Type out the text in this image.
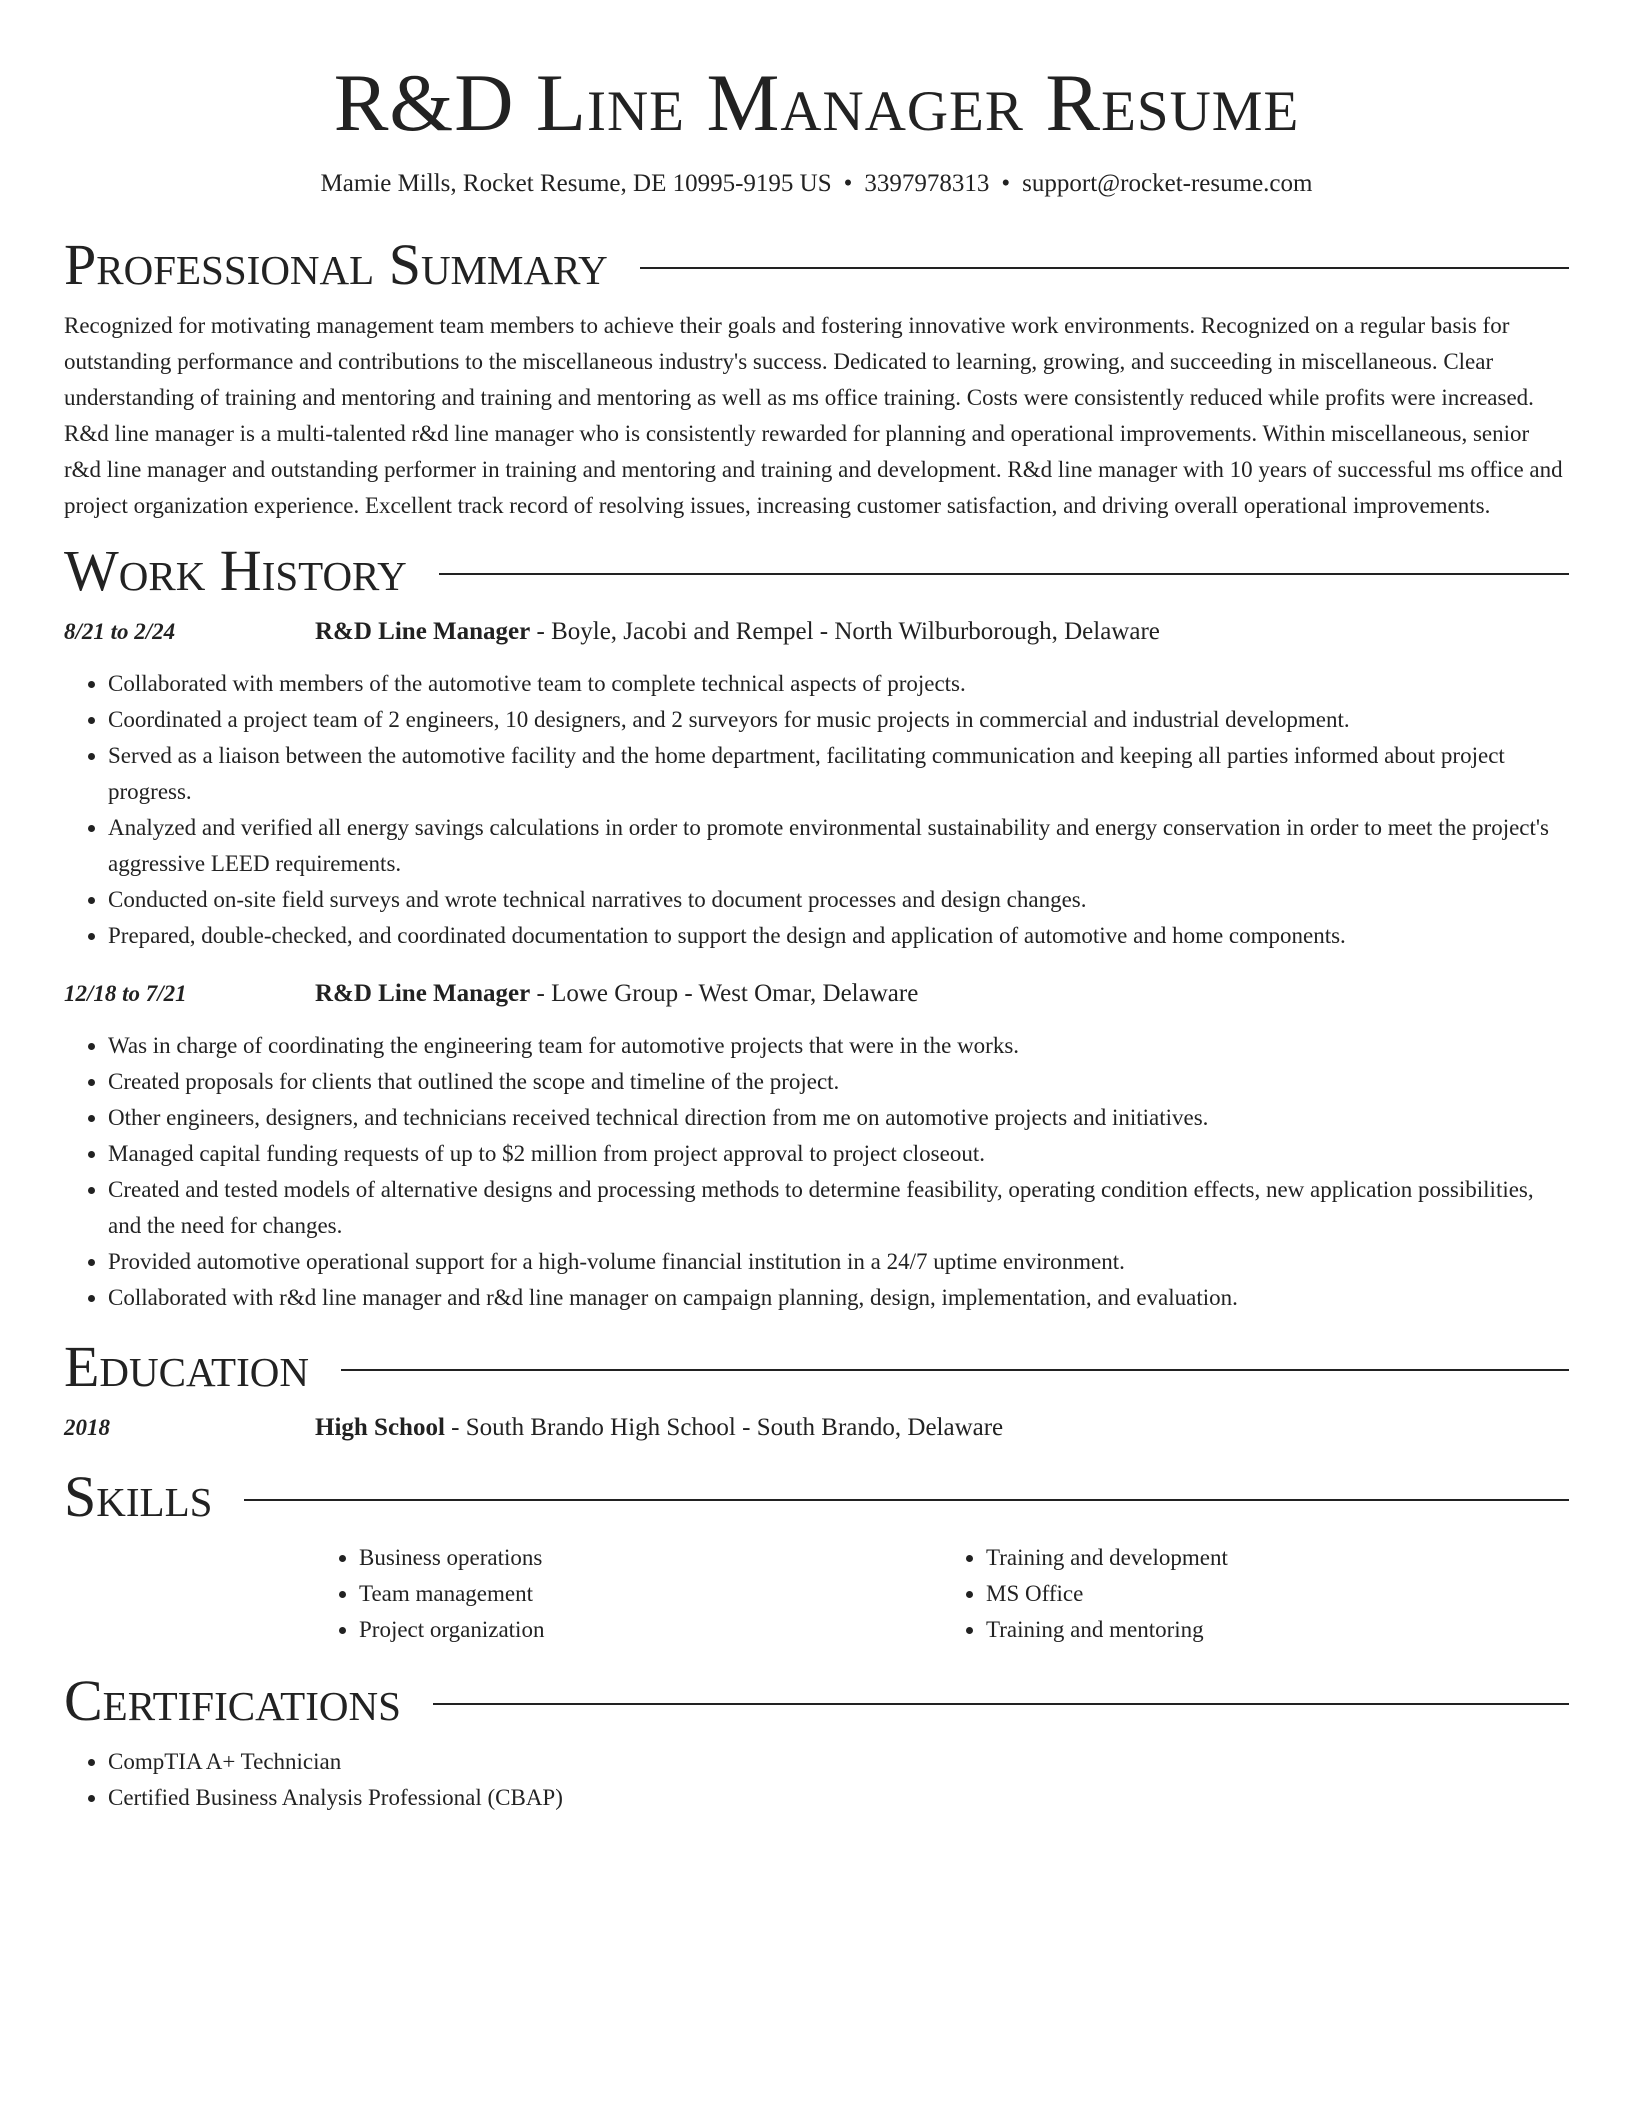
R&D Line Manager Resume
Mamie Mills, Rocket Resume, DE 10995-9195 US • 3397978313 • support@rocket-resume.com
Professional Summary

Recognized for motivating management team members to achieve their goals and fostering innovative work environments. Recognized on a regular basis for outstanding performance and contributions to the miscellaneous industry's success. Dedicated to learning, growing, and succeeding in miscellaneous. Clear understanding of training and mentoring and training and mentoring as well as ms office training. Costs were consistently reduced while profits were increased. R&d line manager is a multi-talented r&d line manager who is consistently rewarded for planning and operational improvements. Within miscellaneous, senior r&d line manager and outstanding performer in training and mentoring and training and development. R&d line manager with 10 years of successful ms office and project organization experience. Excellent track record of resolving issues, increasing customer satisfaction, and driving overall operational improvements.

Work History
8/21 to 2/24	R&D Line Manager - Boyle, Jacobi and Rempel - North Wilburborough, Delaware
• Collaborated with members of the automotive team to complete technical aspects of projects.
• Coordinated a project team of 2 engineers, 10 designers, and 2 surveyors for music projects in commercial and industrial development.
• Served as a liaison between the automotive facility and the home department, facilitating communication and keeping all parties informed about project progress.
• Analyzed and verified all energy savings calculations in order to promote environmental sustainability and energy conservation in order to meet the project's aggressive LEED requirements.
• Conducted on-site field surveys and wrote technical narratives to document processes and design changes.
• Prepared, double-checked, and coordinated documentation to support the design and application of automotive and home components.
12/18 to 7/21	R&D Line Manager - Lowe Group - West Omar, Delaware
• Was in charge of coordinating the engineering team for automotive projects that were in the works.
• Created proposals for clients that outlined the scope and timeline of the project.
• Other engineers, designers, and technicians received technical direction from me on automotive projects and initiatives.
• Managed capital funding requests of up to $2 million from project approval to project closeout.
• Created and tested models of alternative designs and processing methods to determine feasibility, operating condition effects, new application possibilities, and the need for changes.
• Provided automotive operational support for a high-volume financial institution in a 24/7 uptime environment.
• Collaborated with r&d line manager and r&d line manager on campaign planning, design, implementation, and evaluation.
Education
2018	High School - South Brando High School - South Brando, Delaware
Skills
• Business operations
• Team management
• Project organization
• Training and development
• MS Office
• Training and mentoring
Certifications
• CompTIA A+ Technician
• Certified Business Analysis Professional (CBAP)
